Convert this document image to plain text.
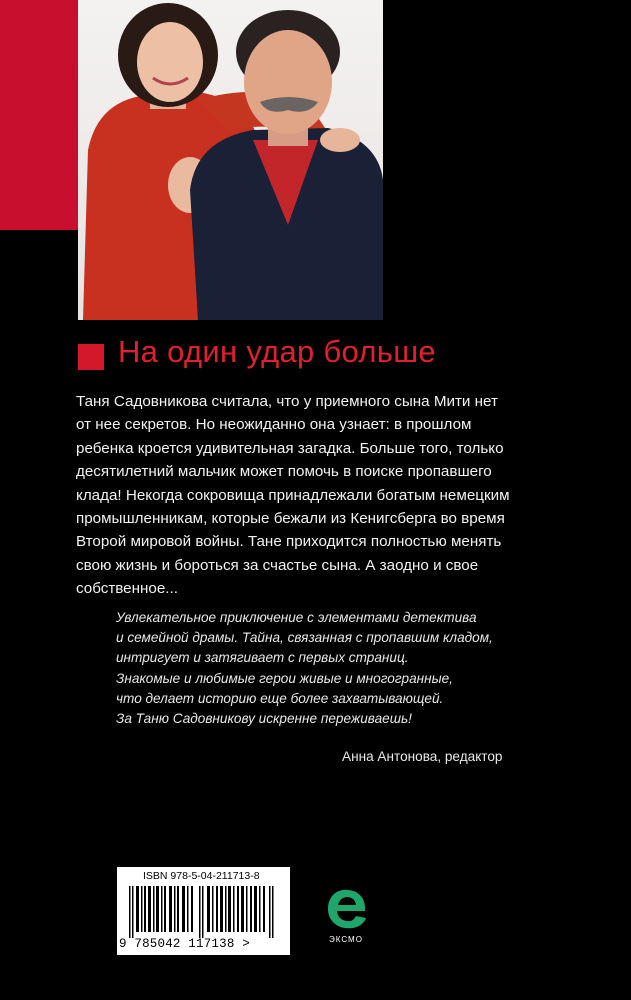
На один удар больше
Таня Садовникова считала, что у приемного сына Мити нет
от нее секретов. Но неожиданно она узнает: в прошлом
ребенка кроется удивительная загадка. Больше того, только
десятилетний мальчик может помочь в поиске пропавшего
клада! Некогда сокровища принадлежали богатым немецким
промышленникам, которые бежали из Кенигсберга во время
Второй мировой войны. Тане приходится полностью менять
свою жизнь и бороться за счастье сына. А заодно и свое
собственное...
Увлекательное приключение с элементами детектива
и семейной драмы. Тайна, связанная с пропавшим кладом,
интригует и затягивает с первых страниц.
Знакомые и любимые герои живые и многогранные,
что делает историю еще более захватывающей.
За Таню Садовникову искренне переживаешь!
Анна Антонова, редактор
ISBN 978-5-04-211713-8
9 785042 117138 >	ЭКСМО
